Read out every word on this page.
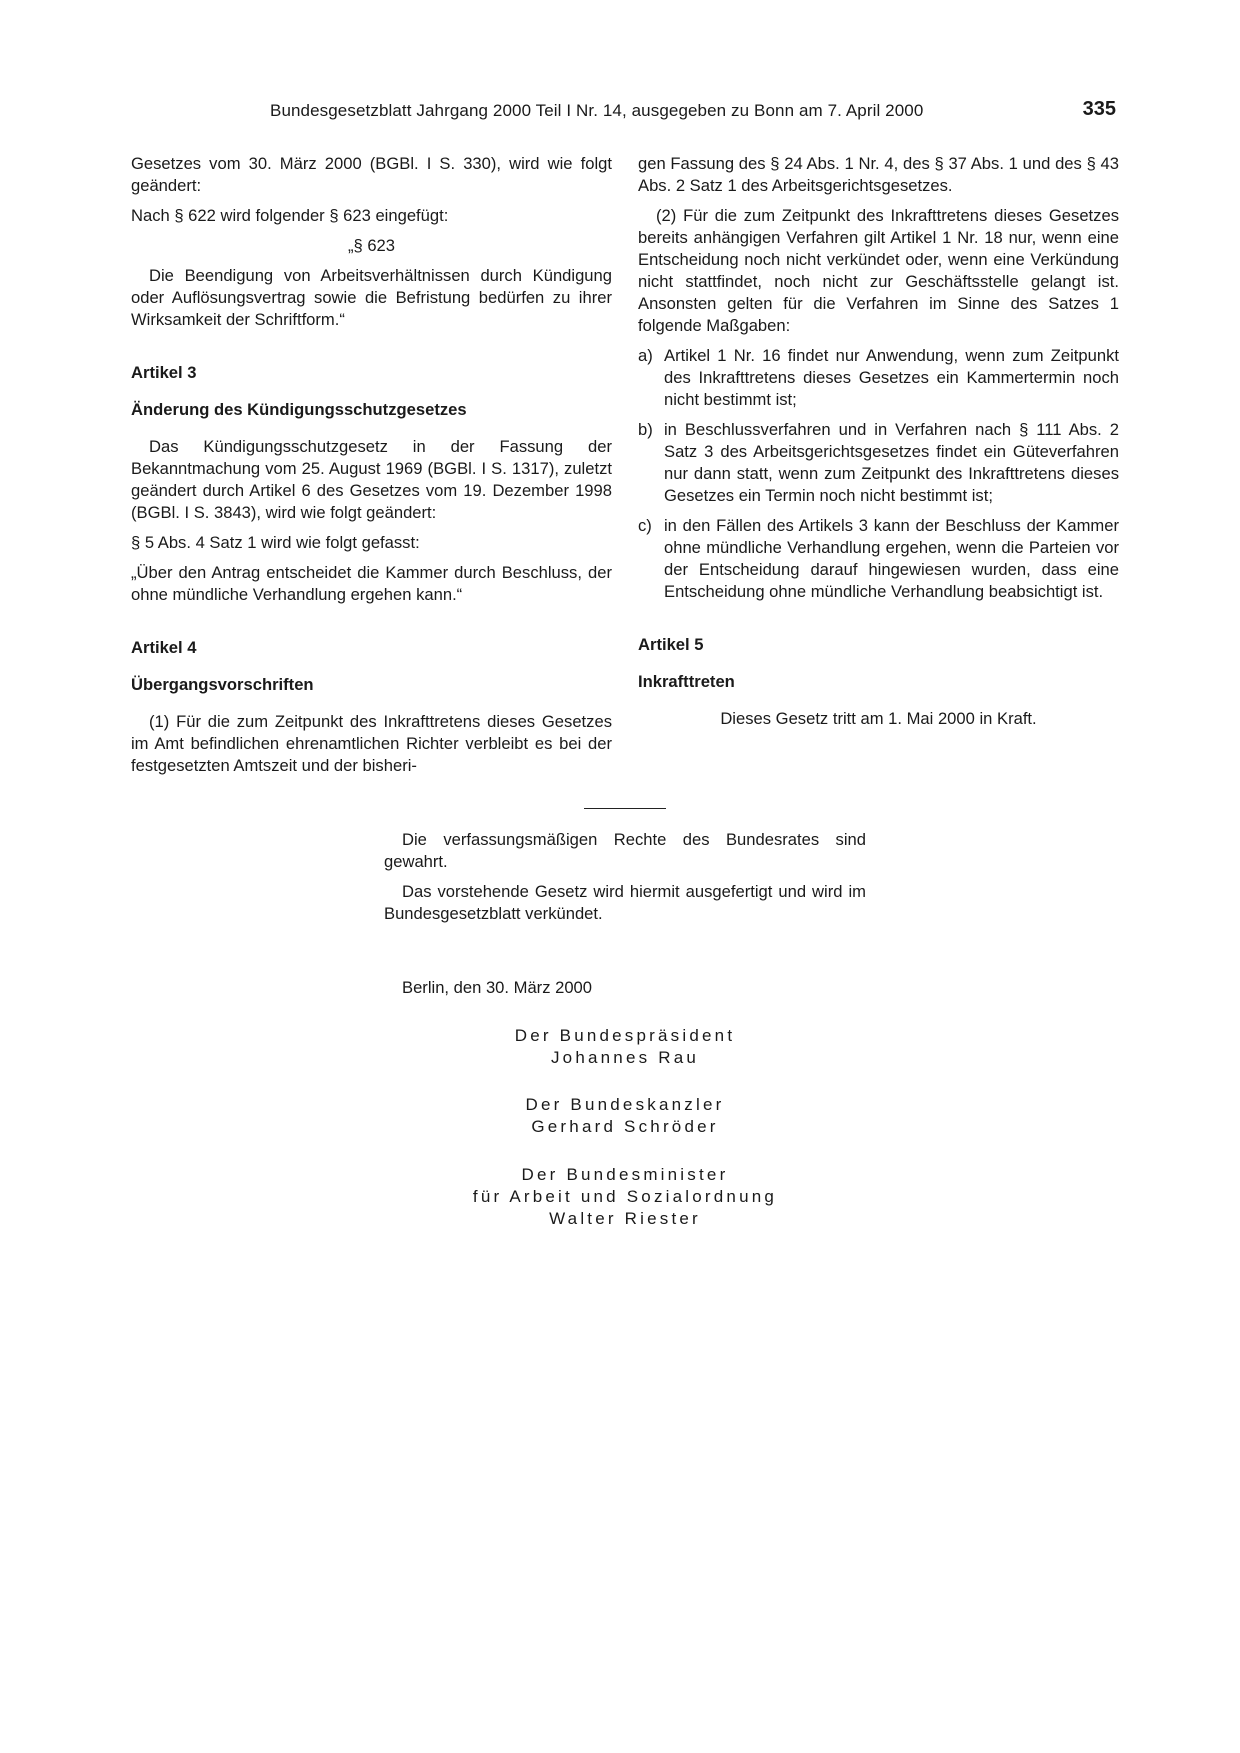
Bundesgesetzblatt Jahrgang 2000 Teil I Nr. 14, ausgegeben zu Bonn am 7. April 2000	335

Gesetzes vom 30. März 2000 (BGBl. I S. 330), wird wie folgt geändert:

Nach § 622 wird folgender § 623 eingefügt:

„§ 623

Die Beendigung von Arbeitsverhältnissen durch Kündigung oder Auflösungsvertrag sowie die Befristung bedürfen zu ihrer Wirksamkeit der Schriftform.“

Artikel 3

Änderung des Kündigungsschutzgesetzes

Das Kündigungsschutzgesetz in der Fassung der Bekanntmachung vom 25. August 1969 (BGBl. I S. 1317), zuletzt geändert durch Artikel 6 des Gesetzes vom 19. Dezember 1998 (BGBl. I S. 3843), wird wie folgt geändert:

§ 5 Abs. 4 Satz 1 wird wie folgt gefasst:

„Über den Antrag entscheidet die Kammer durch Beschluss, der ohne mündliche Verhandlung ergehen kann.“

Artikel 4

Übergangsvorschriften

(1) Für die zum Zeitpunkt des Inkrafttretens dieses Gesetzes im Amt befindlichen ehrenamtlichen Richter verbleibt es bei der festgesetzten Amtszeit und der bisheri-

gen Fassung des § 24 Abs. 1 Nr. 4, des § 37 Abs. 1 und des § 43 Abs. 2 Satz 1 des Arbeitsgerichtsgesetzes.

(2) Für die zum Zeitpunkt des Inkrafttretens dieses Gesetzes bereits anhängigen Verfahren gilt Artikel 1 Nr. 18 nur, wenn eine Entscheidung noch nicht verkündet oder, wenn eine Verkündung nicht stattfindet, noch nicht zur Geschäftsstelle gelangt ist. Ansonsten gelten für die Verfahren im Sinne des Satzes 1 folgende Maßgaben:

a) Artikel 1 Nr. 16 findet nur Anwendung, wenn zum Zeitpunkt des Inkrafttretens dieses Gesetzes ein Kammertermin noch nicht bestimmt ist;
b) in Beschlussverfahren und in Verfahren nach § 111 Abs. 2 Satz 3 des Arbeitsgerichtsgesetzes findet ein Güteverfahren nur dann statt, wenn zum Zeitpunkt des Inkrafttretens dieses Gesetzes ein Termin noch nicht bestimmt ist;
c) in den Fällen des Artikels 3 kann der Beschluss der Kammer ohne mündliche Verhandlung ergehen, wenn die Parteien vor der Entscheidung darauf hingewiesen wurden, dass eine Entscheidung ohne mündliche Verhandlung beabsichtigt ist.

Artikel 5

Inkrafttreten

Dieses Gesetz tritt am 1. Mai 2000 in Kraft.

Die verfassungsmäßigen Rechte des Bundesrates sind gewahrt.

Das vorstehende Gesetz wird hiermit ausgefertigt und wird im Bundesgesetzblatt verkündet.

Berlin, den 30. März 2000
Der Bundespräsident
Johannes Rau
Der Bundeskanzler
Gerhard Schröder
Der Bundesminister
für Arbeit und Sozialordnung
Walter Riester
